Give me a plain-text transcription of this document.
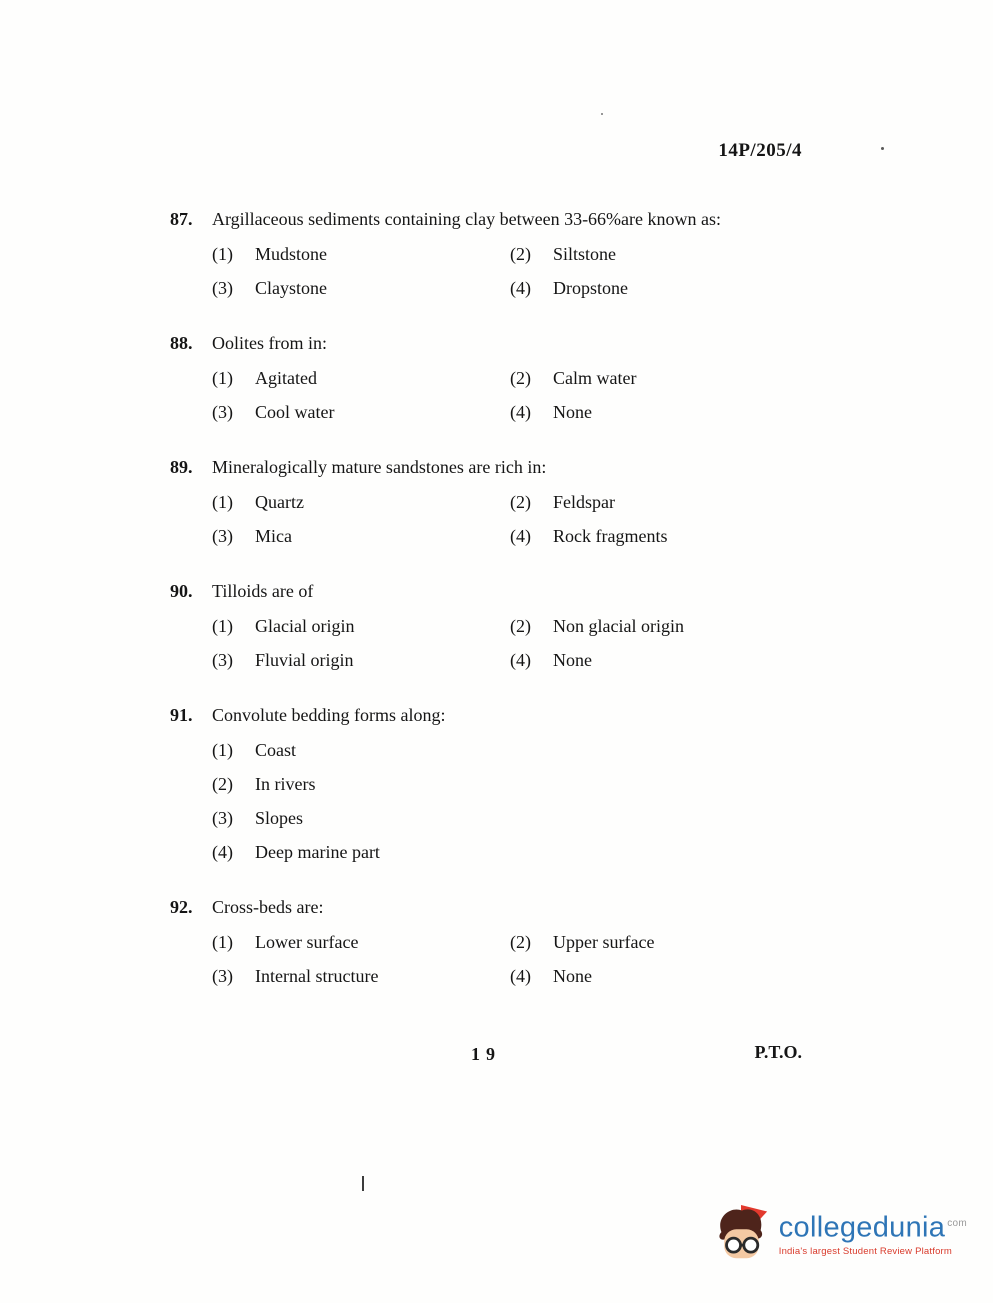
14P/205/4
87. Argillaceous sediments containing clay between 33-66%are known as:
(1) Mudstone	(2) Siltstone
(3) Claystone	(4) Dropstone
88. Oolites from in:
(1) Agitated	(2) Calm water
(3) Cool water	(4) None
89. Mineralogically mature sandstones are rich in:
(1) Quartz	(2) Feldspar
(3) Mica	(4) Rock fragments
90. Tilloids are of
(1) Glacial origin	(2) Non glacial origin
(3) Fluvial origin	(4) None
91. Convolute bedding forms along:
(1) Coast
(2) In rivers
(3) Slopes
(4) Deep marine part
92. Cross-beds are:
(1) Lower surface	(2) Upper surface
(3) Internal structure	(4) None
19	P.T.O.
collegedunia $^{com}$
India's largest Student Review Platform
